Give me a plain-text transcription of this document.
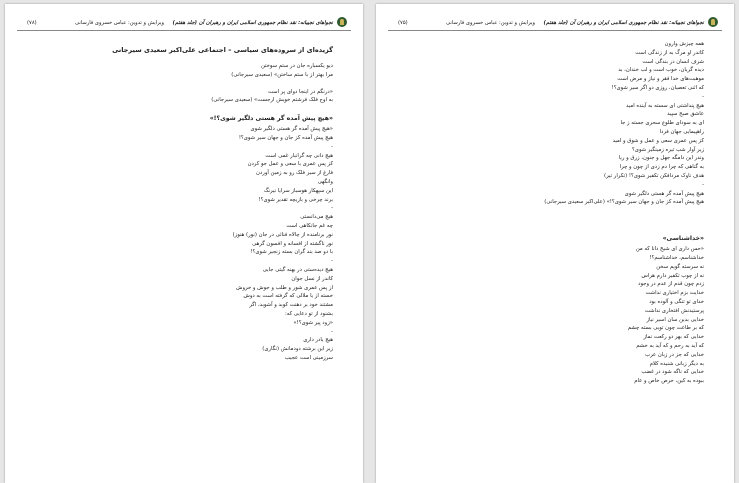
نجواهای نجیبانه: نقد نظام جمهوری اسلامی ایران و رهبران آن (جلد هفتم)
ویرایش و تدوین: عباس خسروی فارسانی
(۷۸)
گزیده‌ای از سروده‌های سیاسی – اجتماعی علی‌اکبر سعیدی سیرجانی
دیو یکسباره جان در ستمِ سوختن
مرا بهتر از با ستم ساختن» (سعیدی سیرجانی)
«درنگم در اینجا دوای پر است
به اوج فلک فرشتم خویش ارجست» (سعیدی سیرجانی)
«هیچ پیش آمده گر هستی دلگیر شوی؟!»
«هیچ پیش آمده گر هستی دلگیر شوی
هیچ پیش آمده کز جان و جهان سیر شوی؟!
-
هیچ دانی چه گرانبار غمی است
کز پس عمری با سعی و عمل جو کردن
فارغ از سیر فلک رو به زمین آوردن
وانگهی
این سپهکار هوسباز سرایا نیرنگ
برند چرخی و بازیچه تقدیر شوی؟!
-
هیچ می‌دانستی
چه غم جانکاهی است
نور برنامنده از چالاه فنائی در جان (نور) هنوز)
نور ناگشته از افسانه و افسون گرهی
با دو صد بند گران بسته زنجیر شوی؟!
-
هیچ دیده‌ستی در بهنه گیتی جایی
کاندر از نسل جوان
از پس عمری شور و طلب و جوش و خروش
خسته از یا ملالی که گرفته است به دوش
مشتند خود بر دهنت کوبد و آشوبد، اگر
بشنود از تو دعایی که:
«زود پیر شوی؟!»
-
هیچ یادر داری
زیر این برشته دودمانش (نگاری)
سرزمینی است عجیب
نجواهای نجیبانه: نقد نظام جمهوری اسلامی ایران و رهبران آن (جلد هفتم)
ویرایش و تدوین: عباس خسروی فارسانی
(۷۵)
همه چیزش وارون
کاندر او مرگ به از زندگی است
شرف انسان در بندگی است
دیده گریان، خوب است و لب خندان، بد
موهبت‌های خدا فقر و نیاز و مرض است
که اثنی تعصیان، روزی دو اگر سیر شوی؟!
-
هیچ پنداشتی ای سسته به آینده امید
عاشق صبح سپید
ای به سودای طلوع سحری جسته ز جا
راهپیمایی جهان فردا
کز پس عمری سعی و عمل و شوق و امید
زیر آوار شب تیره زمینگیر شوی؟
وندر این دامگه جهل و جنون، زرق و ریا
به گناهی که چرا دم زدی از چون و چرا
هدف ناوک مردافکن تکفیر شوی؟! (تکرار تیر)
-
هیچ پیش آمده گر هستی دلگیر شوی
هیچ پیش آمده کز جان و جهان سیر شوی؟!» (علی‌اکبر سعیدی سیرجانی)
«خداشناسی»
«حس داری ای شیخ دانا که من
خداشناسم، خداشناسم؟!
نه سرسته گویم سخن
نه از چوب تکفیر دارم هراس
زدم چون قدم از عدم در وجود
خدایت بزم اختیاری نداشت
خدای تو تنگی و آلوده بود
پرستیدنش افتخاری نداشت
خدایی بدین سان اسیر نیاز
که بر طاعت چون تویی بسته چشم
خدایی که بهر دو رکعت نماز
که آید به رحم و که آید به خشم
خدایی که جز در زبان عرب
به دیگر زبانی شنیده کلام
خدایی که ناگه شود در غضب
ببوده به کین، حرص خاص و عام
